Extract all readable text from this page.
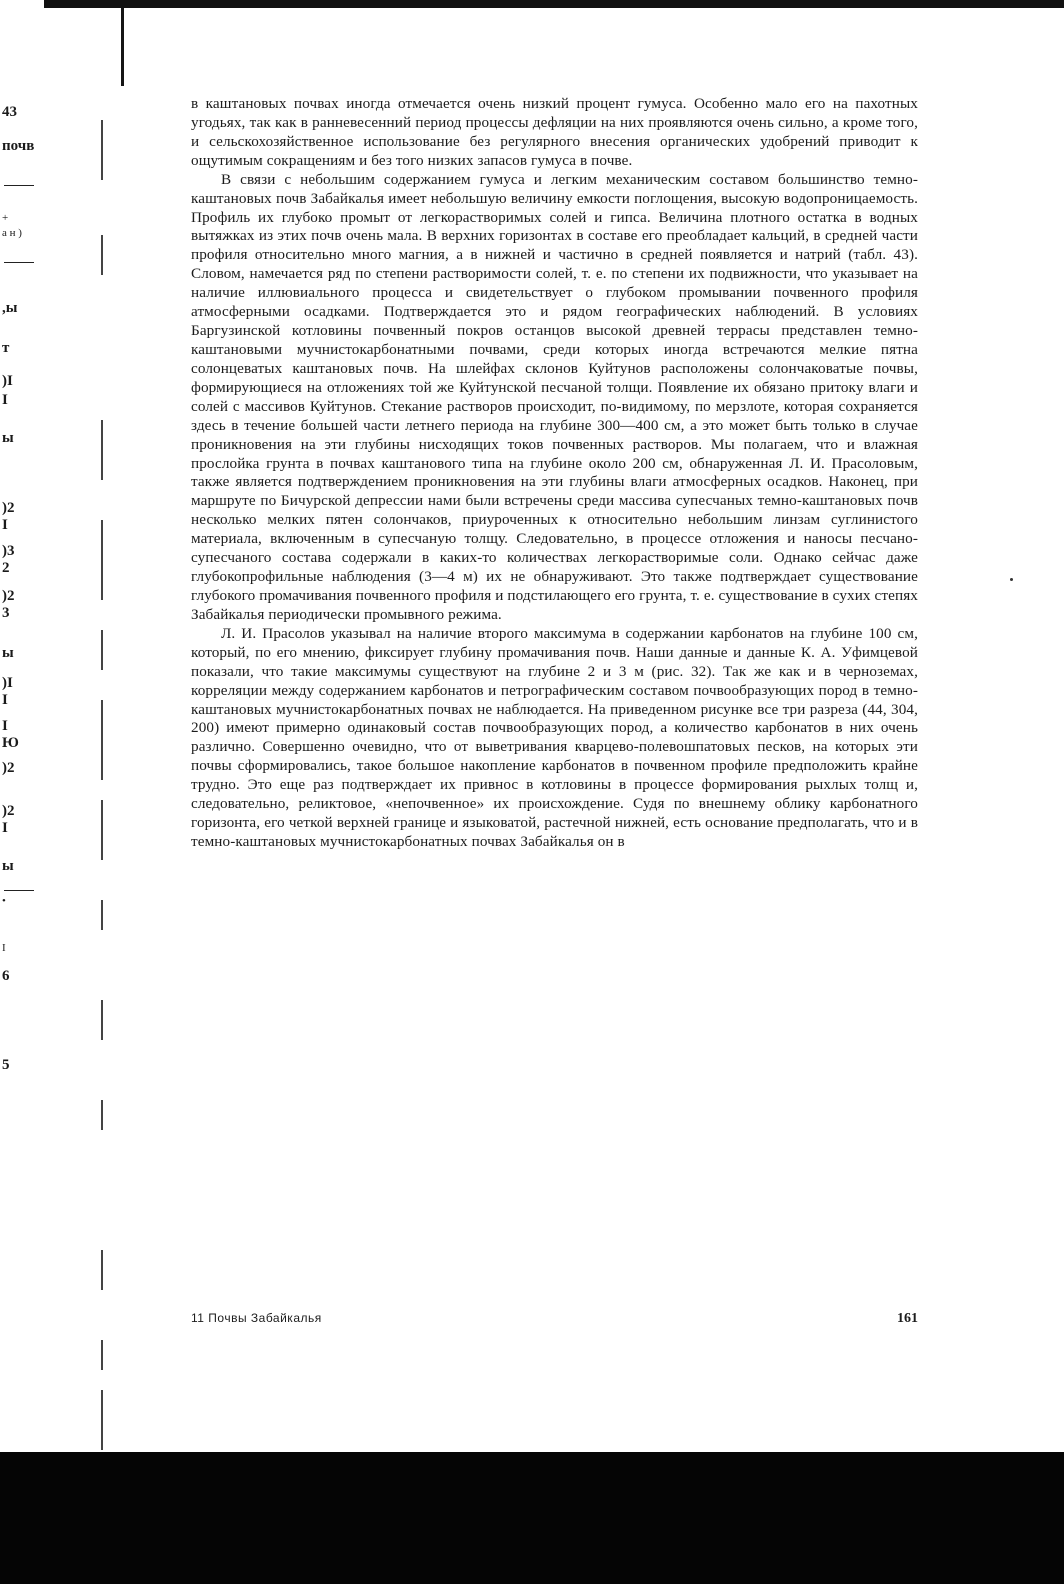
43
почв
+
а н )
,ы
т
)I
I
ы
)2
I
)3
2
)2
3
ы
)I
I
I
Ю
)2
)2
I
ы
•
I
6
5

в каштановых почвах иногда отмечается очень низкий процент гумуса. Особенно мало его на пахотных угодьях, так как в ранневесенний период процессы дефляции на них проявляются очень сильно, а кроме того, и сельскохозяйственное использование без регулярного внесения органических удобрений приводит к ощутимым сокращениям и без того низких запасов гумуса в почве.

В связи с небольшим содержанием гумуса и легким механическим составом большинство темно-каштановых почв Забайкалья имеет небольшую величину емкости поглощения, высокую водопроницаемость. Профиль их глубоко промыт от легкорастворимых солей и гипса. Величина плотного остатка в водных вытяжках из этих почв очень мала. В верхних горизонтах в составе его преобладает кальций, в средней части профиля относительно много магния, а в нижней и частично в средней появляется и натрий (табл. 43). Словом, намечается ряд по степени растворимости солей, т. е. по степени их подвижности, что указывает на наличие иллювиального процесса и свидетельствует о глубоком промывании почвенного профиля атмосферными осадками. Подтверждается это и рядом географических наблюдений. В условиях Баргузинской котловины почвенный покров останцов высокой древней террасы представлен темно-каштановыми мучнистокарбонатными почвами, среди которых иногда встречаются мелкие пятна солонцеватых каштановых почв. На шлейфах склонов Куйтунов расположены солончаковатые почвы, формирующиеся на отложениях той же Куйтунской песчаной толщи. Появление их обязано притоку влаги и солей с массивов Куйтунов. Стекание растворов происходит, по-видимому, по мерзлоте, которая сохраняется здесь в течение большей части летнего периода на глубине 300—400 см, а это может быть только в случае проникновения на эти глубины нисходящих токов почвенных растворов. Мы полагаем, что и влажная прослойка грунта в почвах каштанового типа на глубине около 200 см, обнаруженная Л. И. Прасоловым, также является подтверждением проникновения на эти глубины влаги атмосферных осадков. Наконец, при маршруте по Бичурской депрессии нами были встречены среди массива супесчаных темно-каштановых почв несколько мелких пятен солончаков, приуроченных к относительно небольшим линзам суглинистого материала, включенным в супесчаную толщу. Следовательно, в процессе отложения и наносы песчано-супесчаного состава содержали в каких-то количествах легкорастворимые соли. Однако сейчас даже глубокопрофильные наблюдения (3—4 м) их не обнаруживают. Это также подтверждает существование глубокого промачивания почвенного профиля и подстилающего его грунта, т. е. существование в сухих степях Забайкалья периодически промывного режима.

Л. И. Прасолов указывал на наличие второго максимума в содержании карбонатов на глубине 100 см, который, по его мнению, фиксирует глубину промачивания почв. Наши данные и данные К. А. Уфимцевой показали, что такие максимумы существуют на глубине 2 и 3 м (рис. 32). Так же как и в черноземах, корреляции между содержанием карбонатов и петрографическим составом почвообразующих пород в темно-каштановых мучнистокарбонатных почвах не наблюдается. На приведенном рисунке все три разреза (44, 304, 200) имеют примерно одинаковый состав почвообразующих пород, а количество карбонатов в них очень различно. Совершенно очевидно, что от выветривания кварцево-полевошпатовых песков, на которых эти почвы сформировались, такое большое накопление карбонатов в почвенном профиле предположить крайне трудно. Это еще раз подтверждает их привнос в котловины в процессе формирования рыхлых толщ и, следовательно, реликтовое, «непочвенное» их происхождение. Судя по внешнему облику карбонатного горизонта, его четкой верхней границе и языковатой, растечной нижней, есть основание предполагать, что и в темно-каштановых мучнистокарбонатных почвах Забайкалья он в

11 Почвы Забайкалья	161
